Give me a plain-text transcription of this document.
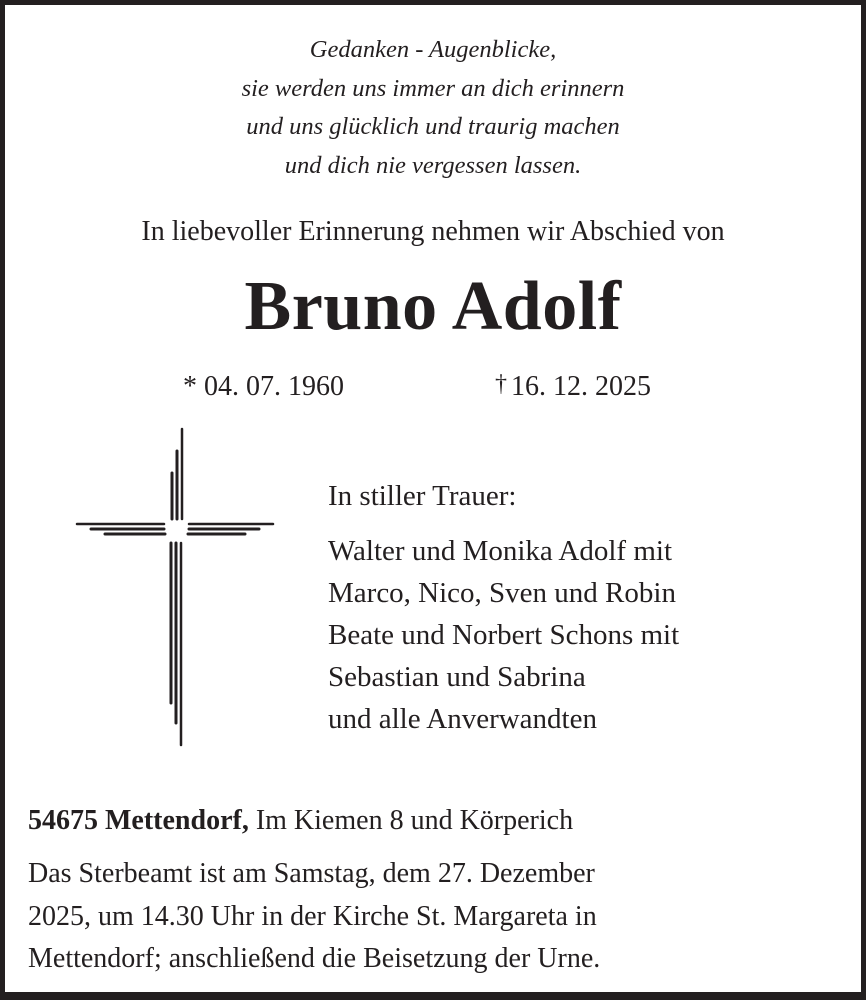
Gedanken - Augenblicke,
sie werden uns immer an dich erinnern
und uns glücklich und traurig machen
und dich nie vergessen lassen.
In liebevoller Erinnerung nehmen wir Abschied von
Bruno Adolf
* 04. 07. 1960	† 16. 12. 2025
In stiller Trauer:
Walter und Monika Adolf mit
Marco, Nico, Sven und Robin
Beate und Norbert Schons mit
Sebastian und Sabrina
und alle Anverwandten
54675 Mettendorf, Im Kiemen 8 und Körperich
Das Sterbeamt ist am Samstag, dem 27. Dezember
2025, um 14.30 Uhr in der Kirche St. Margareta in
Mettendorf; anschließend die Beisetzung der Urne.
